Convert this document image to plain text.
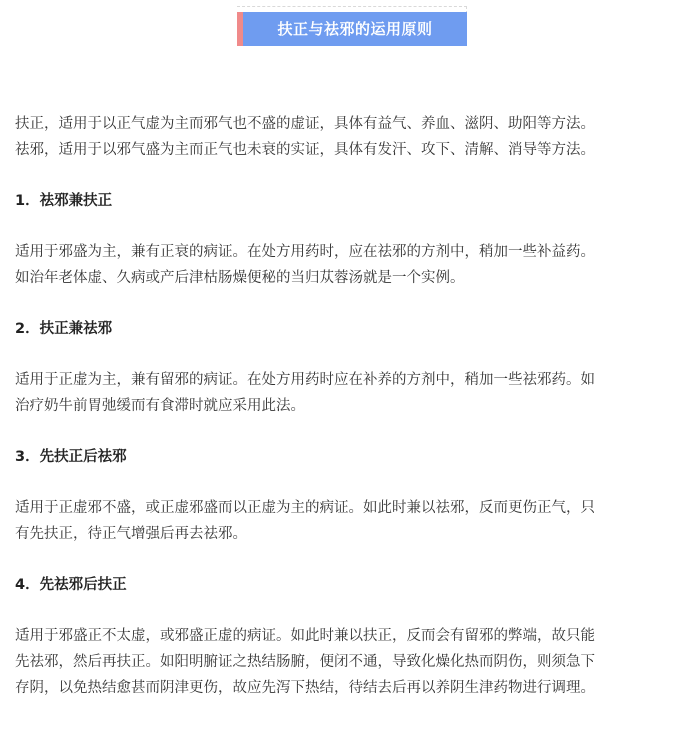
扶正与祛邪的运用原则

扶正，适用于以正气虚为主而邪气也不盛的虚证，具体有益气、养血、滋阴、助阳等方法。

祛邪，适用于以邪气盛为主而正气也未衰的实证，具体有发汗、攻下、清解、消导等方法。

1．祛邪兼扶正

适用于邪盛为主，兼有正衰的病证。在处方用药时，应在祛邪的方剂中，稍加一些补益药。

如治年老体虚、久病或产后津枯肠燥便秘的当归苁蓉汤就是一个实例。

2．扶正兼祛邪

适用于正虚为主，兼有留邪的病证。在处方用药时应在补养的方剂中，稍加一些祛邪药。如

治疗奶牛前胃弛缓而有食滞时就应采用此法。

3．先扶正后祛邪

适用于正虚邪不盛，或正虚邪盛而以正虚为主的病证。如此时兼以祛邪，反而更伤正气，只

有先扶正，待正气增强后再去祛邪。

4．先祛邪后扶正

适用于邪盛正不太虚，或邪盛正虚的病证。如此时兼以扶正，反而会有留邪的弊端，故只能

先祛邪，然后再扶正。如阳明腑证之热结肠腑，便闭不通，导致化燥化热而阴伤，则须急下

存阴，以免热结愈甚而阴津更伤，故应先泻下热结，待结去后再以养阴生津药物进行调理。
